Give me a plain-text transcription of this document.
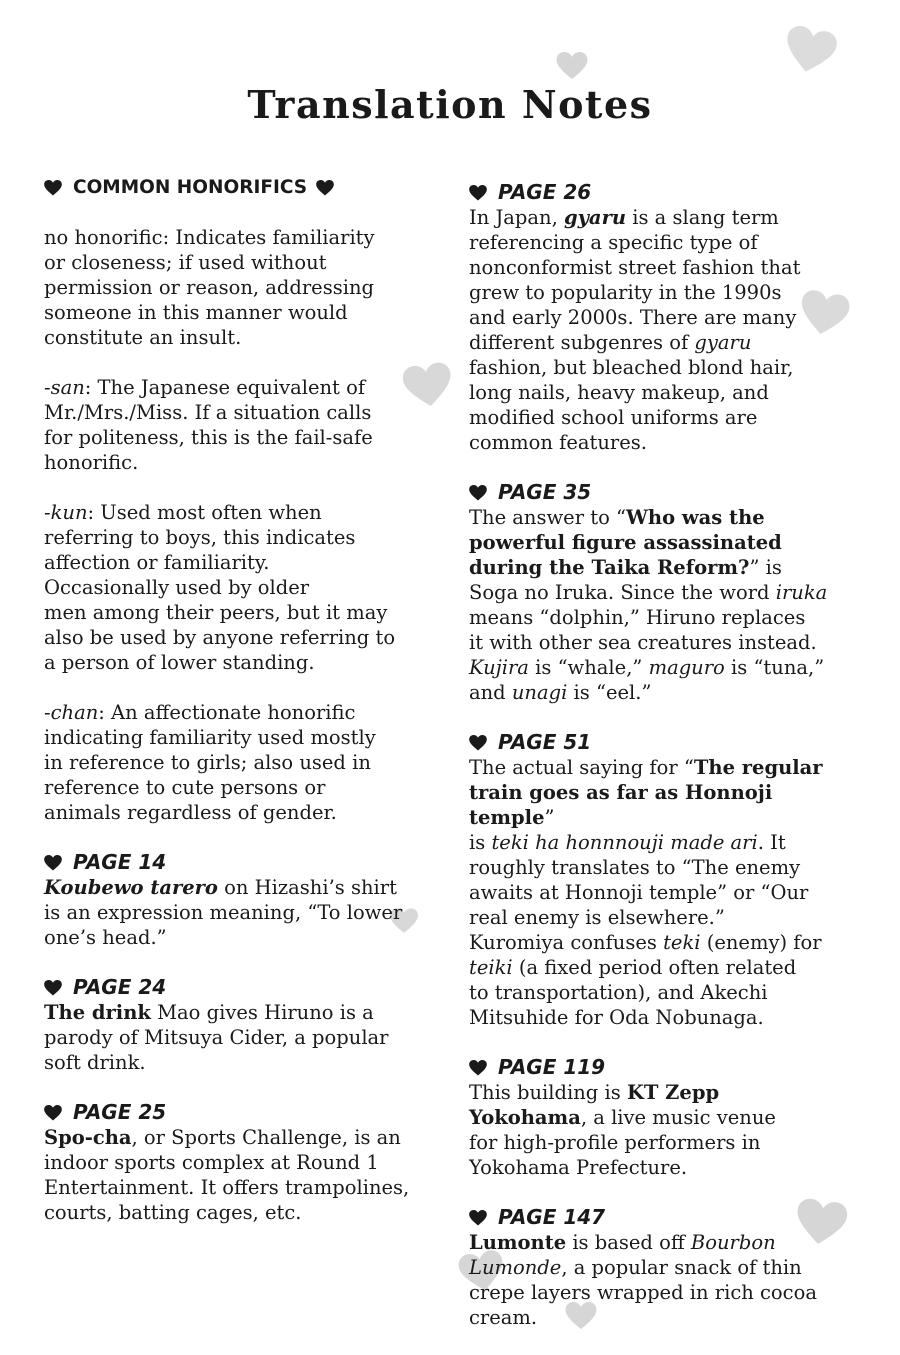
Translation Notes
COMMON HONORIFICS

no honorific: Indicates familiarity
or closeness; if used without
permission or reason, addressing
someone in this manner would
constitute an insult.

-san: The Japanese equivalent of
Mr./Mrs./Miss. If a situation calls
for politeness, this is the fail-safe
honorific.

-kun: Used most often when
referring to boys, this indicates
affection or familiarity.
Occasionally used by older
men among their peers, but it may
also be used by anyone referring to
a person of lower standing.

-chan: An affectionate honorific
indicating familiarity used mostly
in reference to girls; also used in
reference to cute persons or
animals regardless of gender.

PAGE 14

Koubewo tarero on Hizashi’s shirt
is an expression meaning, “To lower
one’s head.”

PAGE 24

The drink Mao gives Hiruno is a
parody of Mitsuya Cider, a popular
soft drink.

PAGE 25

Spo-cha, or Sports Challenge, is an
indoor sports complex at Round 1
Entertainment. It offers trampolines,
courts, batting cages, etc.

PAGE 26

In Japan, gyaru is a slang term
referencing a specific type of
nonconformist street fashion that
grew to popularity in the 1990s
and early 2000s. There are many
different subgenres of gyaru
fashion, but bleached blond hair,
long nails, heavy makeup, and
modified school uniforms are
common features.

PAGE 35

The answer to “Who was the
powerful figure assassinated
during the Taika Reform?” is
Soga no Iruka. Since the word iruka
means “dolphin,” Hiruno replaces
it with other sea creatures instead.
Kujira is “whale,” maguro is “tuna,”
and unagi is “eel.”

PAGE 51

The actual saying for “The regular
train goes as far as Honnoji temple”
is teki ha honnnouji made ari. It
roughly translates to “The enemy
awaits at Honnoji temple” or “Our
real enemy is elsewhere.”
Kuromiya confuses teki (enemy) for
teiki (a fixed period often related
to transportation), and Akechi
Mitsuhide for Oda Nobunaga.

PAGE 119

This building is KT Zepp
Yokohama, a live music venue
for high-profile performers in
Yokohama Prefecture.

PAGE 147

Lumonte is based off Bourbon
Lumonde, a popular snack of thin
crepe layers wrapped in rich cocoa
cream.
